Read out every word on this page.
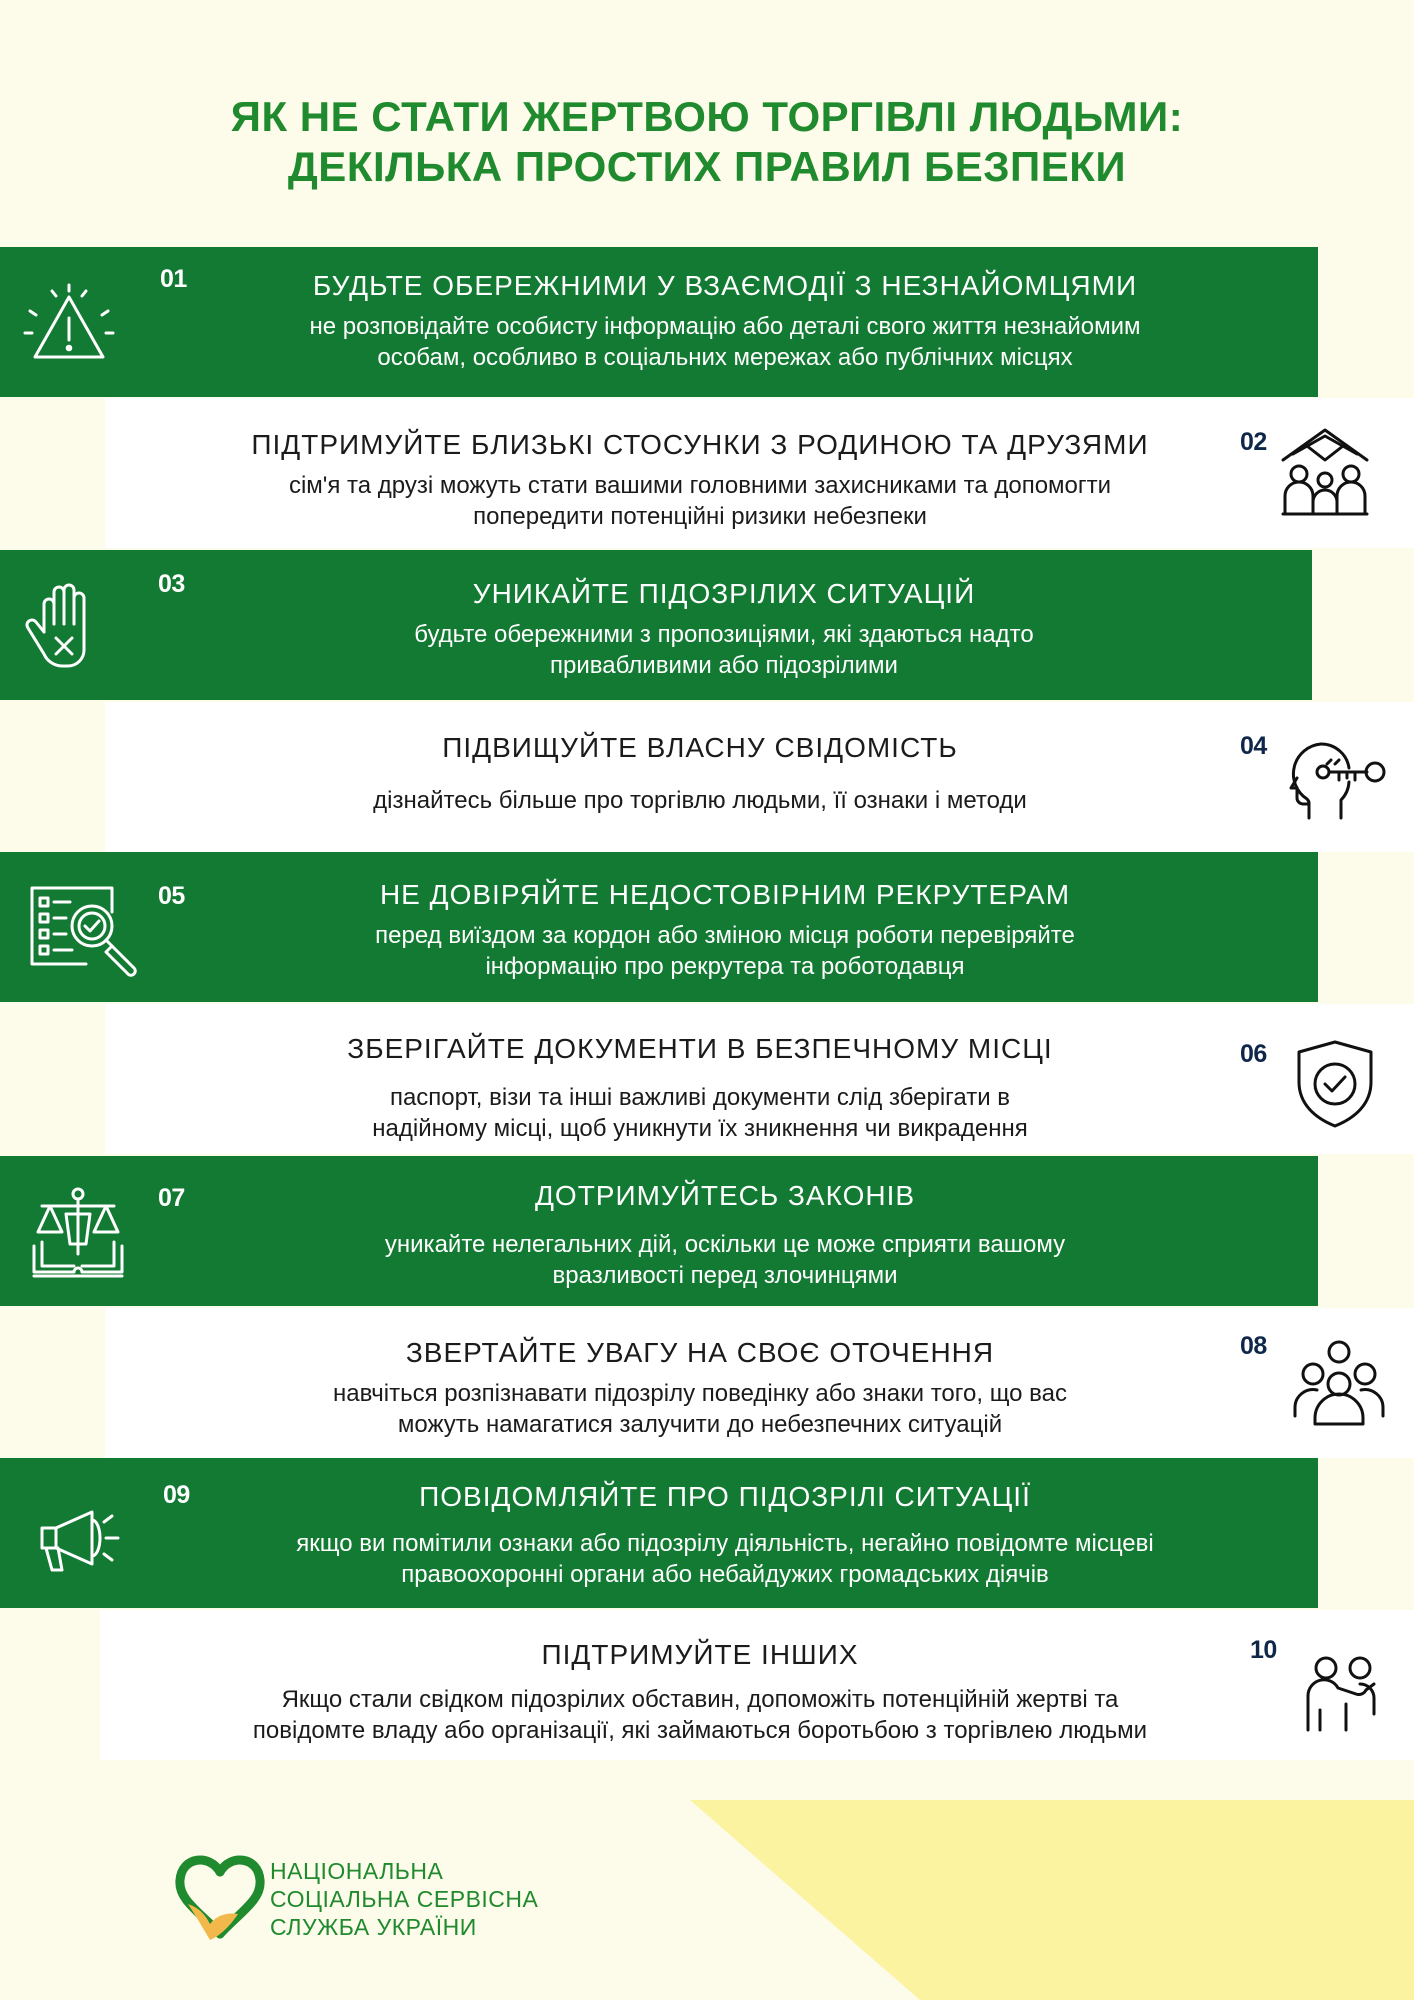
ЯК НЕ СТАТИ ЖЕРТВОЮ ТОРГІВЛІ ЛЮДЬМИ:
ДЕКІЛЬКА ПРОСТИХ ПРАВИЛ БЕЗПЕКИ
01	БУДЬТЕ ОБЕРЕЖНИМИ У ВЗАЄМОДІЇ З НЕЗНАЙОМЦЯМИ
не розповідайте особисту інформацію або деталі свого життя незнайомим
особам, особливо в соціальних мережах або публічних місцях
02
ПІДТРИМУЙТЕ БЛИЗЬКІ СТОСУНКИ З РОДИНОЮ ТА ДРУЗЯМИ
сім'я та друзі можуть стати вашими головними захисниками та допомогти
попередити потенційні ризики небезпеки
03	УНИКАЙТЕ ПІДОЗРІЛИХ СИТУАЦІЙ
будьте обережними з пропозиціями, які здаються надто
привабливими або підозрілими
04
ПІДВИЩУЙТЕ ВЛАСНУ СВІДОМІСТЬ
дізнайтесь більше про торгівлю людьми, її ознаки і методи
05	НЕ ДОВІРЯЙТЕ НЕДОСТОВІРНИМ РЕКРУТЕРАМ
перед виїздом за кордон або зміною місця роботи перевіряйте
інформацію про рекрутера та роботодавця
06
ЗБЕРІГАЙТЕ ДОКУМЕНТИ В БЕЗПЕЧНОМУ МІСЦІ
паспорт, візи та інші важливі документи слід зберігати в
надійному місці, щоб уникнути їх зникнення чи викрадення
07	ДОТРИМУЙТЕСЬ ЗАКОНІВ
уникайте нелегальних дій, оскільки це може сприяти вашому
вразливості перед злочинцями
08
ЗВЕРТАЙТЕ УВАГУ НА СВОЄ ОТОЧЕННЯ
навчіться розпізнавати підозрілу поведінку або знаки того, що вас
можуть намагатися залучити до небезпечних ситуацій
09	ПОВІДОМЛЯЙТЕ ПРО ПІДОЗРІЛІ СИТУАЦІЇ
якщо ви помітили ознаки або підозрілу діяльність, негайно повідомте місцеві
правоохоронні органи або небайдужих громадських діячів
10
ПІДТРИМУЙТЕ ІНШИХ
Якщо стали свідком підозрілих обставин, допоможіть потенційній жертві та
повідомте владу або організації, які займаються боротьбою з торгівлею людьми
НАЦІОНАЛЬНА
СОЦІАЛЬНА СЕРВІСНА
СЛУЖБА УКРАЇНИ
